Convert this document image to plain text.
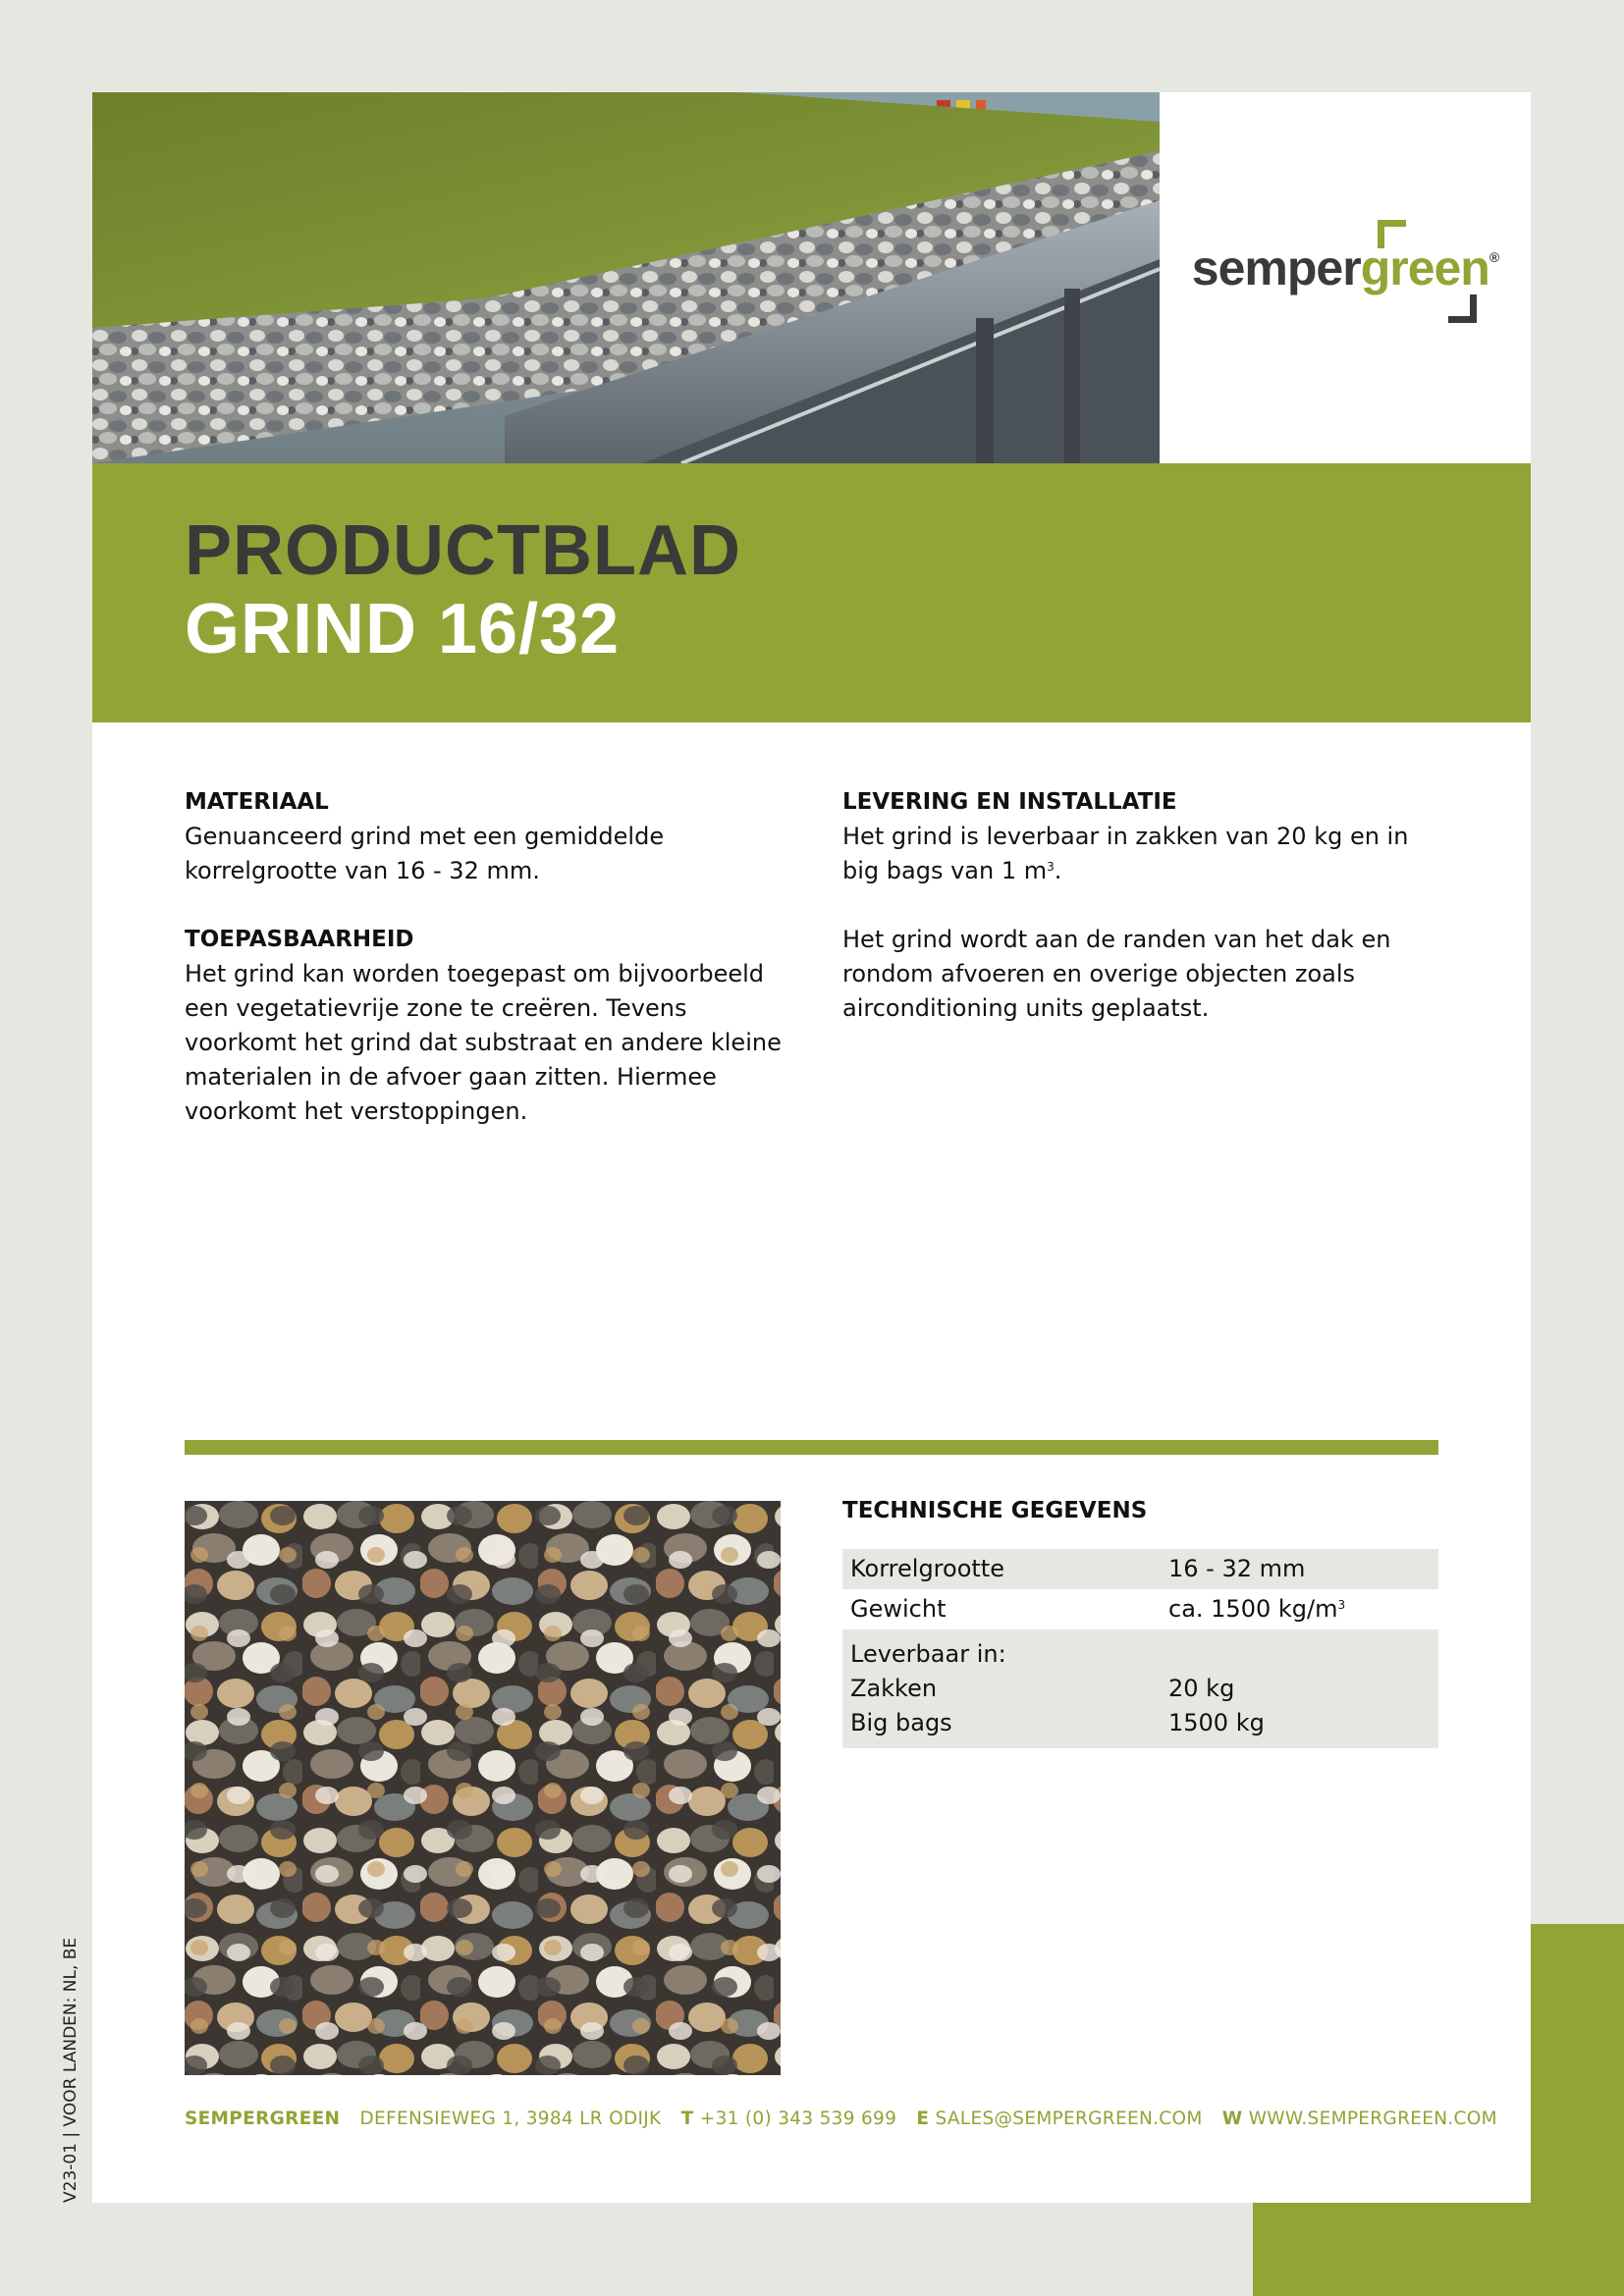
sempergreen®
PRODUCTBLAD
GRIND 16/32

MATERIAAL

Genuanceerd grind met een gemiddelde korrelgrootte van 16 - 32 mm.

TOEPASBAARHEID

Het grind kan worden toegepast om bijvoorbeeld een vegetatievrije zone te creëren. Tevens voorkomt het grind dat substraat en andere kleine materialen in de afvoer gaan zitten. Hiermee voorkomt het verstoppingen.

LEVERING EN INSTALLATIE

Het grind is leverbaar in zakken van 20 kg en in big bags van 1 $m^3$.

Het grind wordt aan de randen van het dak en rondom afvoeren en overige objecten zoals airconditioning units geplaatst.

TECHNISCHE GEGEVENS

Korrelgrootte	16 - 32 mm
Gewicht	ca. 1500 $kg/m^3$
Leverbaar in:
Zakken
Big bags

20 kg
1500 kg
SEMPERGREEN DEFENSIEWEG 1, 3984 LR ODIJK T +31 (0) 343 539 699 E SALES@SEMPERGREEN.COM W WWW.SEMPERGREEN.COM
V23-01 | VOOR LANDEN: NL, BE
